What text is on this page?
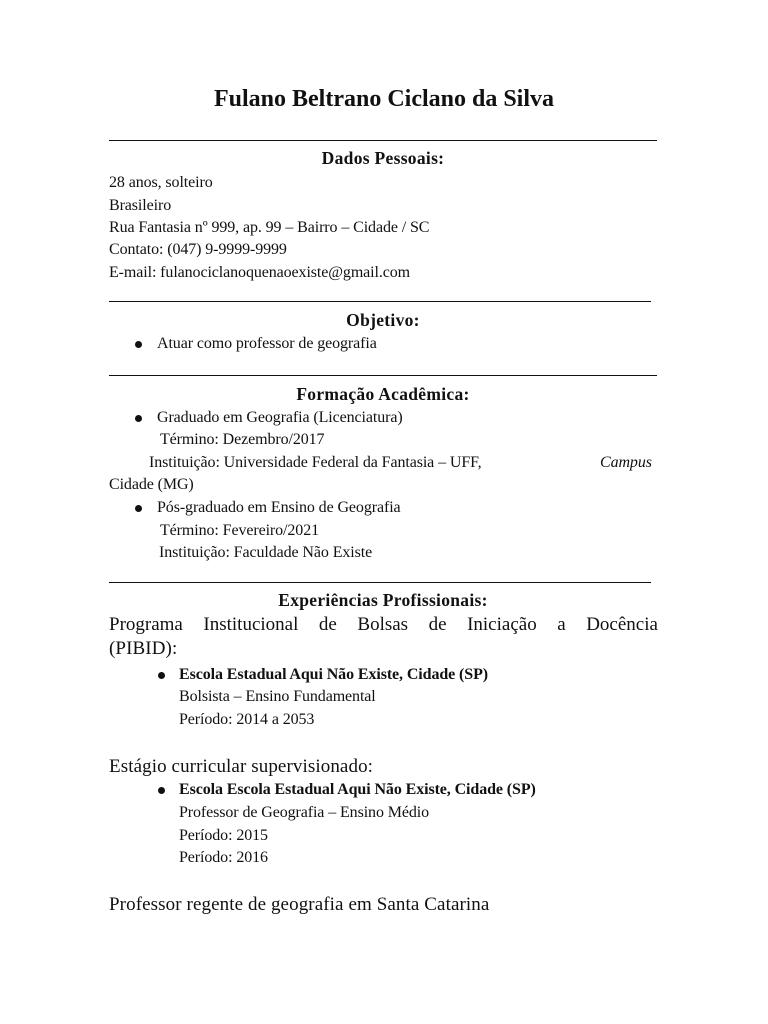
Fulano Beltrano Ciclano da Silva
Dados Pessoais:
28 anos, solteiro
Brasileiro
Rua Fantasia nº 999, ap. 99 – Bairro – Cidade / SC
Contato: (047) 9-9999-9999
E-mail: fulanociclanoquenaoexiste@gmail.com
Objetivo:
Atuar como professor de geografia
Formação Acadêmica:
Graduado em Geografia (Licenciatura)
Término: Dezembro/2017
Instituição: Universidade Federal da Fantasia – UFF,	Campus
Cidade (MG)
Pós-graduado em Ensino de Geografia
Término: Fevereiro/2021
Instituição: Faculdade Não Existe
Experiências Profissionais:
Programa Institucional de Bolsas de Iniciação a Docência
(PIBID):
Escola Estadual Aqui Não Existe, Cidade (SP)
Bolsista – Ensino Fundamental
Período: 2014 a 2053
Estágio curricular supervisionado:
Escola Escola Estadual Aqui Não Existe, Cidade (SP)
Professor de Geografia – Ensino Médio
Período: 2015
Período: 2016
Professor regente de geografia em Santa Catarina
